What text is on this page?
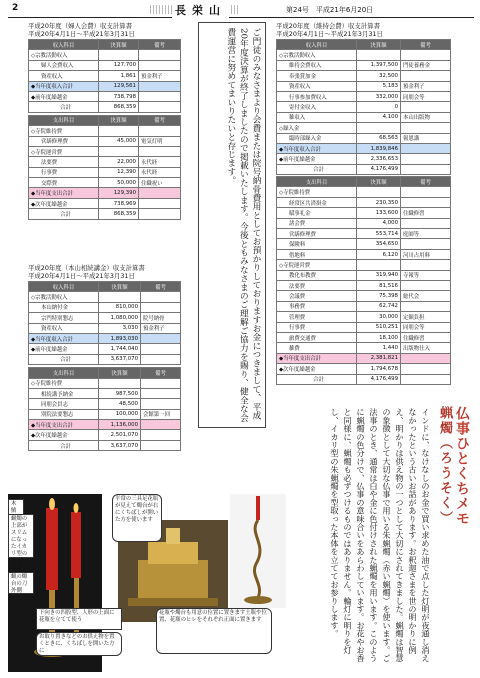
2	長栄山	第24号　平成21年6月20日
平成20年度（婦人会費）収支計算書
平成20年4月1日～平成21年3月31日
収入科目	決算額	備考
◇宗教活動収入		
婦人会費収入	127,700	
資産収入	1,861	預金利子
◆当年度収入合計	129,561	
◆前年度繰越金	738,798	
合計	868,359	
支出科目	決算額	備考
◇寺院維持費		
営繕修理費	45,000	電気灯明
◇寺院運営費		
法要費	22,000	永代経
行事費	12,390	永代経
交際費	50,000	住職祝い
◆当年度支出合計	129,390	
◆次年度繰越金	738,969	
合計	868,359	
平成20年度（本山相続講金）収支計算書
平成20年4月1日～平成21年3月31日
収入科目	決算額	備考
◇宗教活動収入		
本山納付金	810,000	
宗門特別懇志	1,080,000	院号納骨
資産収入	3,030	預金利子
◆当年度収入合計	1,893,030	
◆前年度繰越金	1,744,040	
合計	3,637,070	
支出科目	決算額	備考
◇寺院維持費		
相続講予納金	987,500	
同朋会員志	48,500	
別院法要懇志	100,000	会館第一回
◆当年度支出合計	1,136,000	
◆次年度繰越金	2,501,070	
合計	3,637,070	
平成20年度（維持会費）収支計算書
平成20年4月1日～平成21年3月31日
収入科目	決算額	備考
◇宗教活動収入		
維持会費収入	1,397,500	門徒養務金
奉張賞加金	32,500	
資産収入	5,183	預金利子
行事参加費収入	332,000	同朋会等
寄付金収入	0	
雑収入	4,100	本山出版物
◇繰入金		
臨時部繰入金	68,563	報恩講
◆当年度収入合計	1,839,846	
◆前年度繰越金	2,336,653	
合計	4,176,499	
支出科目	決算額	備考
◇寺院維持費		
経常区共済掛金	230,350	
賦事礼金	133,600	住職修習
諸会費	4,000	
営繕修理費	553,714	庭師等
保険料	354,650	
借地料	6,120	河川占用料
◇寺院運営費		
教化布教費	319,940	寺報等
法要費	81,516	
会議費	75,398	総代会
事務費	62,742	
管理費	30,000	定額負担
行事費	510,251	同朋会等
旅費交通費	18,100	住職修習
雑費	1,440	出版物仕入
◆当年度支出合計	2,381,821	
◆次年度繰越金	1,794,678	
合計	4,176,499	

ご門徒のみなさまより会費または院号納骨費用としてお預かりしておりますお金につきまして、平成20年度決算が終了しましたので掲載いたします。今後ともみなさまのご理解ご協力を賜り、健全な会費運営に努めてまいりたいと存じます。

仏事ひとくちメモ
蝋燭（ろうそく）
インドに、なけなしのお金で買い求めた油で点した灯明が夜通し消えなかったという古いお話があります。お釈迦さまを世の明かりに例え、明かりは供え物の一つとして大切にされてきました。蝋燭は智慧の象徴として大切な仏事で用いる朱蝋燭（赤い蝋燭）を使います。ご法事のとき、通常は白や金に色付けされた蝋燭を用います。このように蝋燭の色分けで、仏事の意味合いをあらわしています。お花やお香と同様に、蝋燭も必ずつけるものではありません。輪灯に明りを灯し、イカリ型の朱蝋燭を型取った本体を立ててお参りします。
木鯖
蝋燭の上部がスリムになったイカリ型のものを使う
蝋の燭台の刀外側
平常の三具足花瓶が見えて燭台が右にくちばしが開いた方を使います
下向きの四股型、人形の上面に花瓶を立てて使う
お取り置きなどのお供え物を置くときに、くちばしを開いた方に
花瓶や燭台も用意の位置に置きます土瓶や位置、花瓶のヒレをそれぞれ正面に置きます
